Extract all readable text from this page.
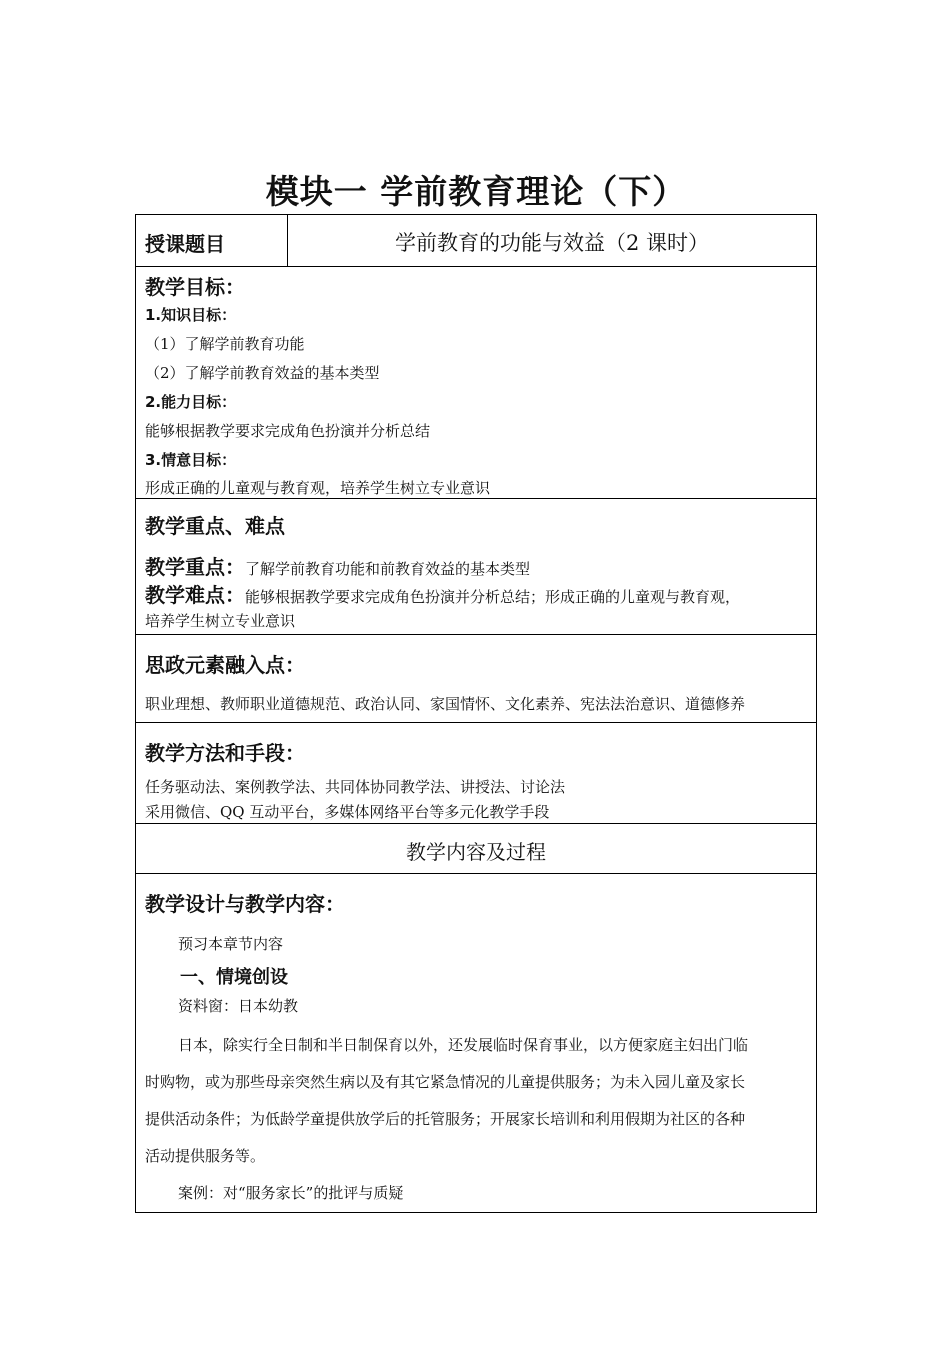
模块一 学前教育理论（下）
授课题目	学前教育的功能与效益（2 课时）
教学目标：
1.知识目标：
（1）了解学前教育功能
（2）了解学前教育效益的基本类型
2.能力目标：
能够根据教学要求完成角色扮演并分析总结
3.情意目标：
形成正确的儿童观与教育观，培养学生树立专业意识
教学重点、难点
教学重点：了解学前教育功能和前教育效益的基本类型
教学难点：能够根据教学要求完成角色扮演并分析总结；形成正确的儿童观与教育观，
培养学生树立专业意识
思政元素融入点：
职业理想、教师职业道德规范、政治认同、家国情怀、文化素养、宪法法治意识、道德修养
教学方法和手段：
任务驱动法、案例教学法、共同体协同教学法、讲授法、讨论法
采用微信、QQ 互动平台，多媒体网络平台等多元化教学手段
教学内容及过程
教学设计与教学内容：
预习本章节内容
一、情境创设
资料窗：日本幼教
日本，除实行全日制和半日制保育以外，还发展临时保育事业，以方便家庭主妇出门临
时购物，或为那些母亲突然生病以及有其它紧急情况的儿童提供服务；为未入园儿童及家长
提供活动条件；为低龄学童提供放学后的托管服务；开展家长培训和利用假期为社区的各种
活动提供服务等。
案例：对“服务家长”的批评与质疑
